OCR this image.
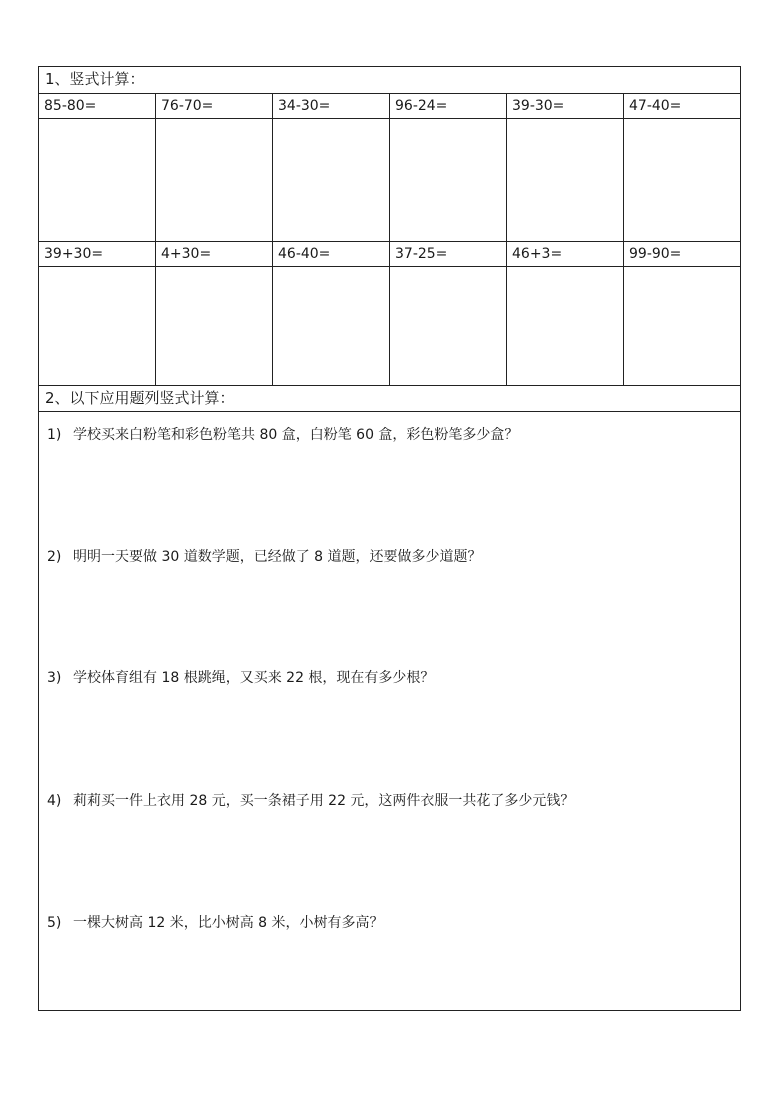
1、竖式计算：
85-80=	76-70=	34-30=	96-24=	39-30=	47-40=
39+30=	4+30=	46-40=	37-25=	46+3=	99-90=
2、以下应用题列竖式计算：
1) 学校买来白粉笔和彩色粉笔共 80 盒，白粉笔 60 盒，彩色粉笔多少盒？
2) 明明一天要做 30 道数学题，已经做了 8 道题，还要做多少道题？
3) 学校体育组有 18 根跳绳，又买来 22 根，现在有多少根？
4) 莉莉买一件上衣用 28 元，买一条裙子用 22 元，这两件衣服一共花了多少元钱？
5) 一棵大树高 12 米，比小树高 8 米，小树有多高？
